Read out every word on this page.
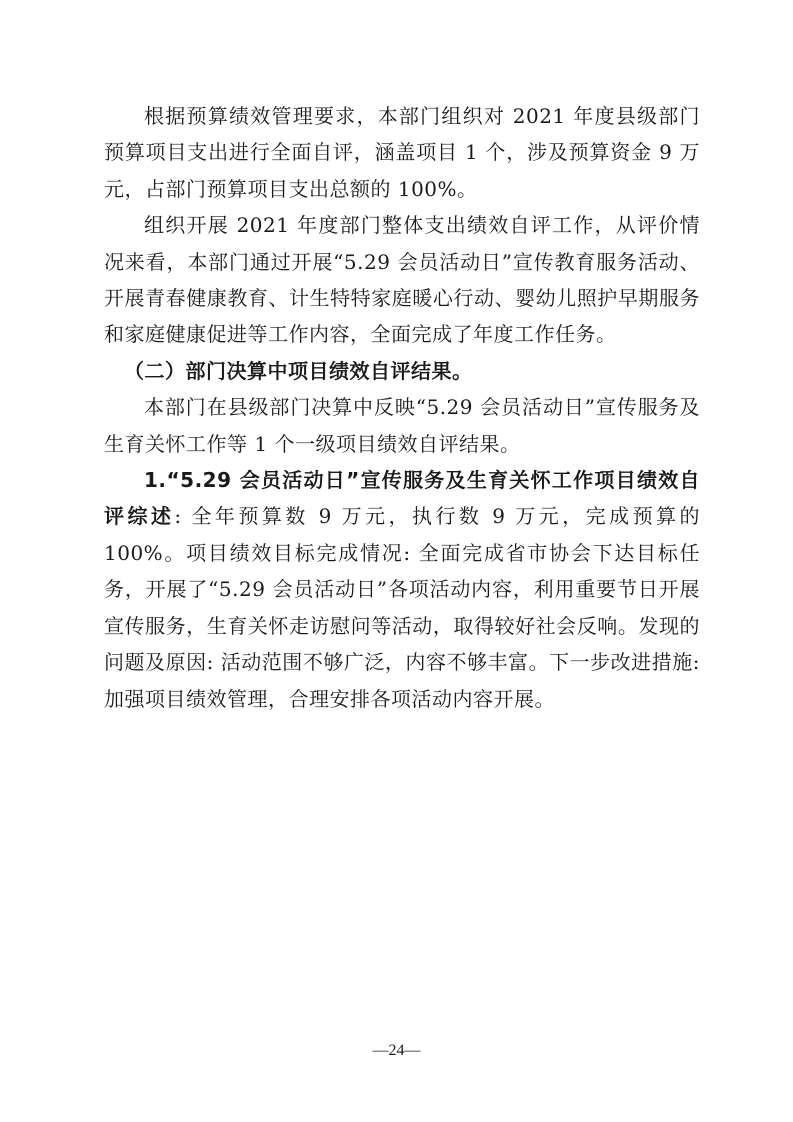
根据预算绩效管理要求，本部门组织对 2021 年度县级部门预算项目支出进行全面自评，涵盖项目 1 个，涉及预算资金 9 万元，占部门预算项目支出总额的 100%。

组织开展 2021 年度部门整体支出绩效自评工作，从评价情况来看，本部门通过开展“5.29 会员活动日”宣传教育服务活动、开展青春健康教育、计生特特家庭暖心行动、婴幼儿照护早期服务和家庭健康促进等工作内容，全面完成了年度工作任务。

（二）部门决算中项目绩效自评结果。

本部门在县级部门决算中反映“5.29 会员活动日”宣传服务及生育关怀工作等 1 个一级项目绩效自评结果。

1.“5.29 会员活动日”宣传服务及生育关怀工作项目绩效自评综述: 全年预算数 9 万元，执行数 9 万元，完成预算的 100%。项目绩效目标完成情况: 全面完成省市协会下达目标任务，开展了“5.29 会员活动日”各项活动内容，利用重要节日开展宣传服务，生育关怀走访慰问等活动，取得较好社会反响。发现的问题及原因: 活动范围不够广泛，内容不够丰富。下一步改进措施: 加强项目绩效管理，合理安排各项活动内容开展。

—24—
